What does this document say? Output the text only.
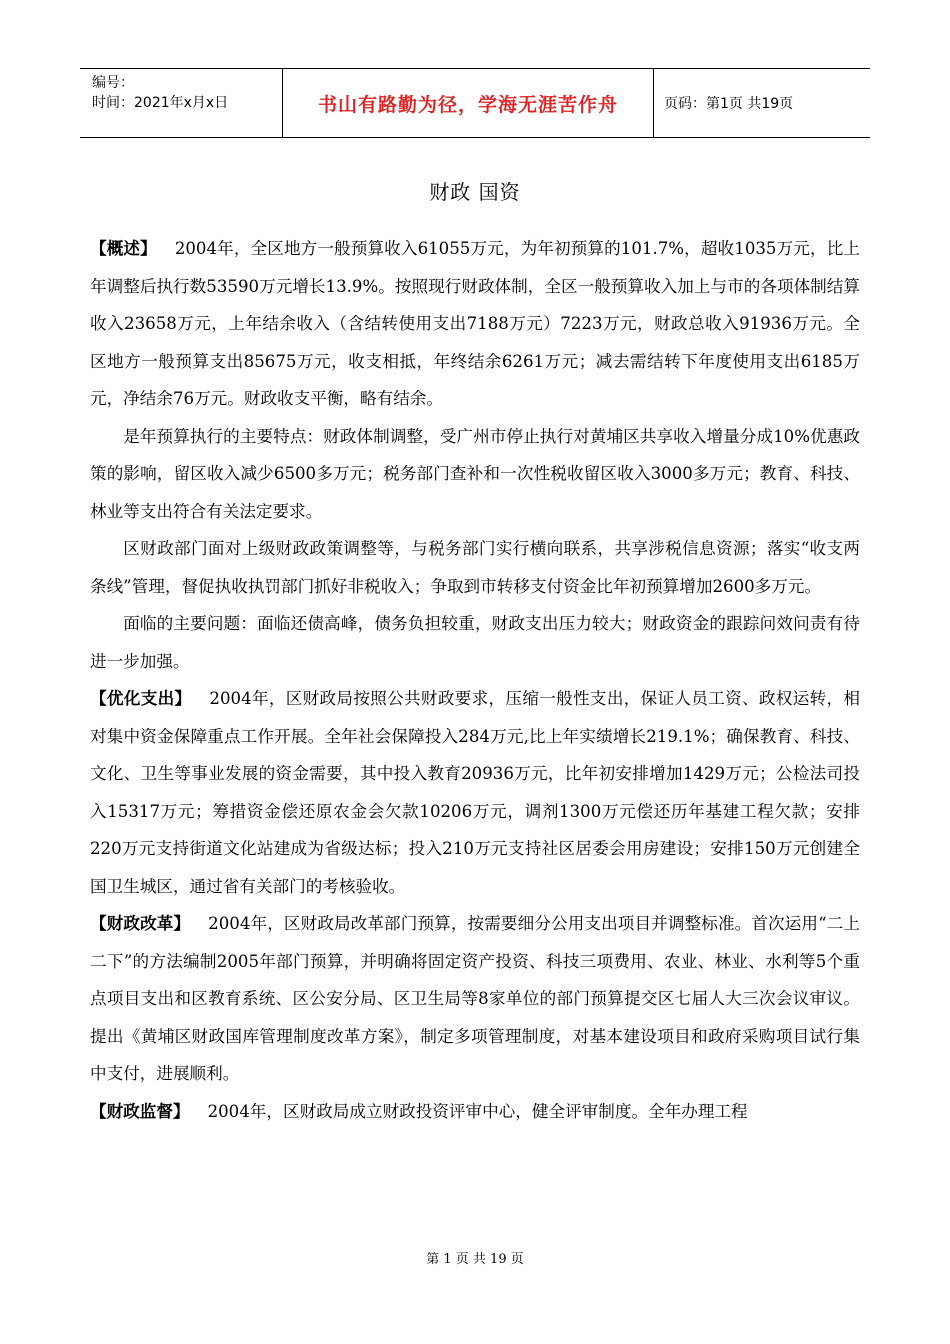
编号：
时间：2021年x月x日	书山有路勤为径，学海无涯苦作舟	页码：第1页 共19页
财政 国资

【概述】 2004年，全区地方一般预算收入61055万元，为年初预算的101.7%，超收1035万元，比上年调整后执行数53590万元增长13.9%。按照现行财政体制，全区一般预算收入加上与市的各项体制结算收入23658万元，上年结余收入（含结转使用支出7188万元）7223万元，财政总收入91936万元。全区地方一般预算支出85675万元，收支相抵，年终结余6261万元；减去需结转下年度使用支出6185万元，净结余76万元。财政收支平衡，略有结余。

是年预算执行的主要特点：财政体制调整，受广州市停止执行对黄埔区共享收入增量分成10%优惠政策的影响，留区收入减少6500多万元；税务部门查补和一次性税收留区收入3000多万元；教育、科技、林业等支出符合有关法定要求。

区财政部门面对上级财政政策调整等，与税务部门实行横向联系，共享涉税信息资源；落实“收支两条线”管理，督促执收执罚部门抓好非税收入；争取到市转移支付资金比年初预算增加2600多万元。

面临的主要问题：面临还债高峰，债务负担较重，财政支出压力较大；财政资金的跟踪问效问责有待进一步加强。

【优化支出】 2004年，区财政局按照公共财政要求，压缩一般性支出，保证人员工资、政权运转，相对集中资金保障重点工作开展。全年社会保障投入284万元,比上年实绩增长219.1%；确保教育、科技、文化、卫生等事业发展的资金需要，其中投入教育20936万元，比年初安排增加1429万元；公检法司投入15317万元；筹措资金偿还原农金会欠款10206万元，调剂1300万元偿还历年基建工程欠款；安排220万元支持街道文化站建成为省级达标；投入210万元支持社区居委会用房建设；安排150万元创建全国卫生城区，通过省有关部门的考核验收。

【财政改革】 2004年，区财政局改革部门预算，按需要细分公用支出项目并调整标准。首次运用“二上二下”的方法编制2005年部门预算，并明确将固定资产投资、科技三项费用、农业、林业、水利等5个重点项目支出和区教育系统、区公安分局、区卫生局等8家单位的部门预算提交区七届人大三次会议审议。提出《黄埔区财政国库管理制度改革方案》，制定多项管理制度，对基本建设项目和政府采购项目试行集中支付，进展顺利。

【财政监督】 2004年，区财政局成立财政投资评审中心，健全评审制度。全年办理工程

第 1 页 共 19 页
